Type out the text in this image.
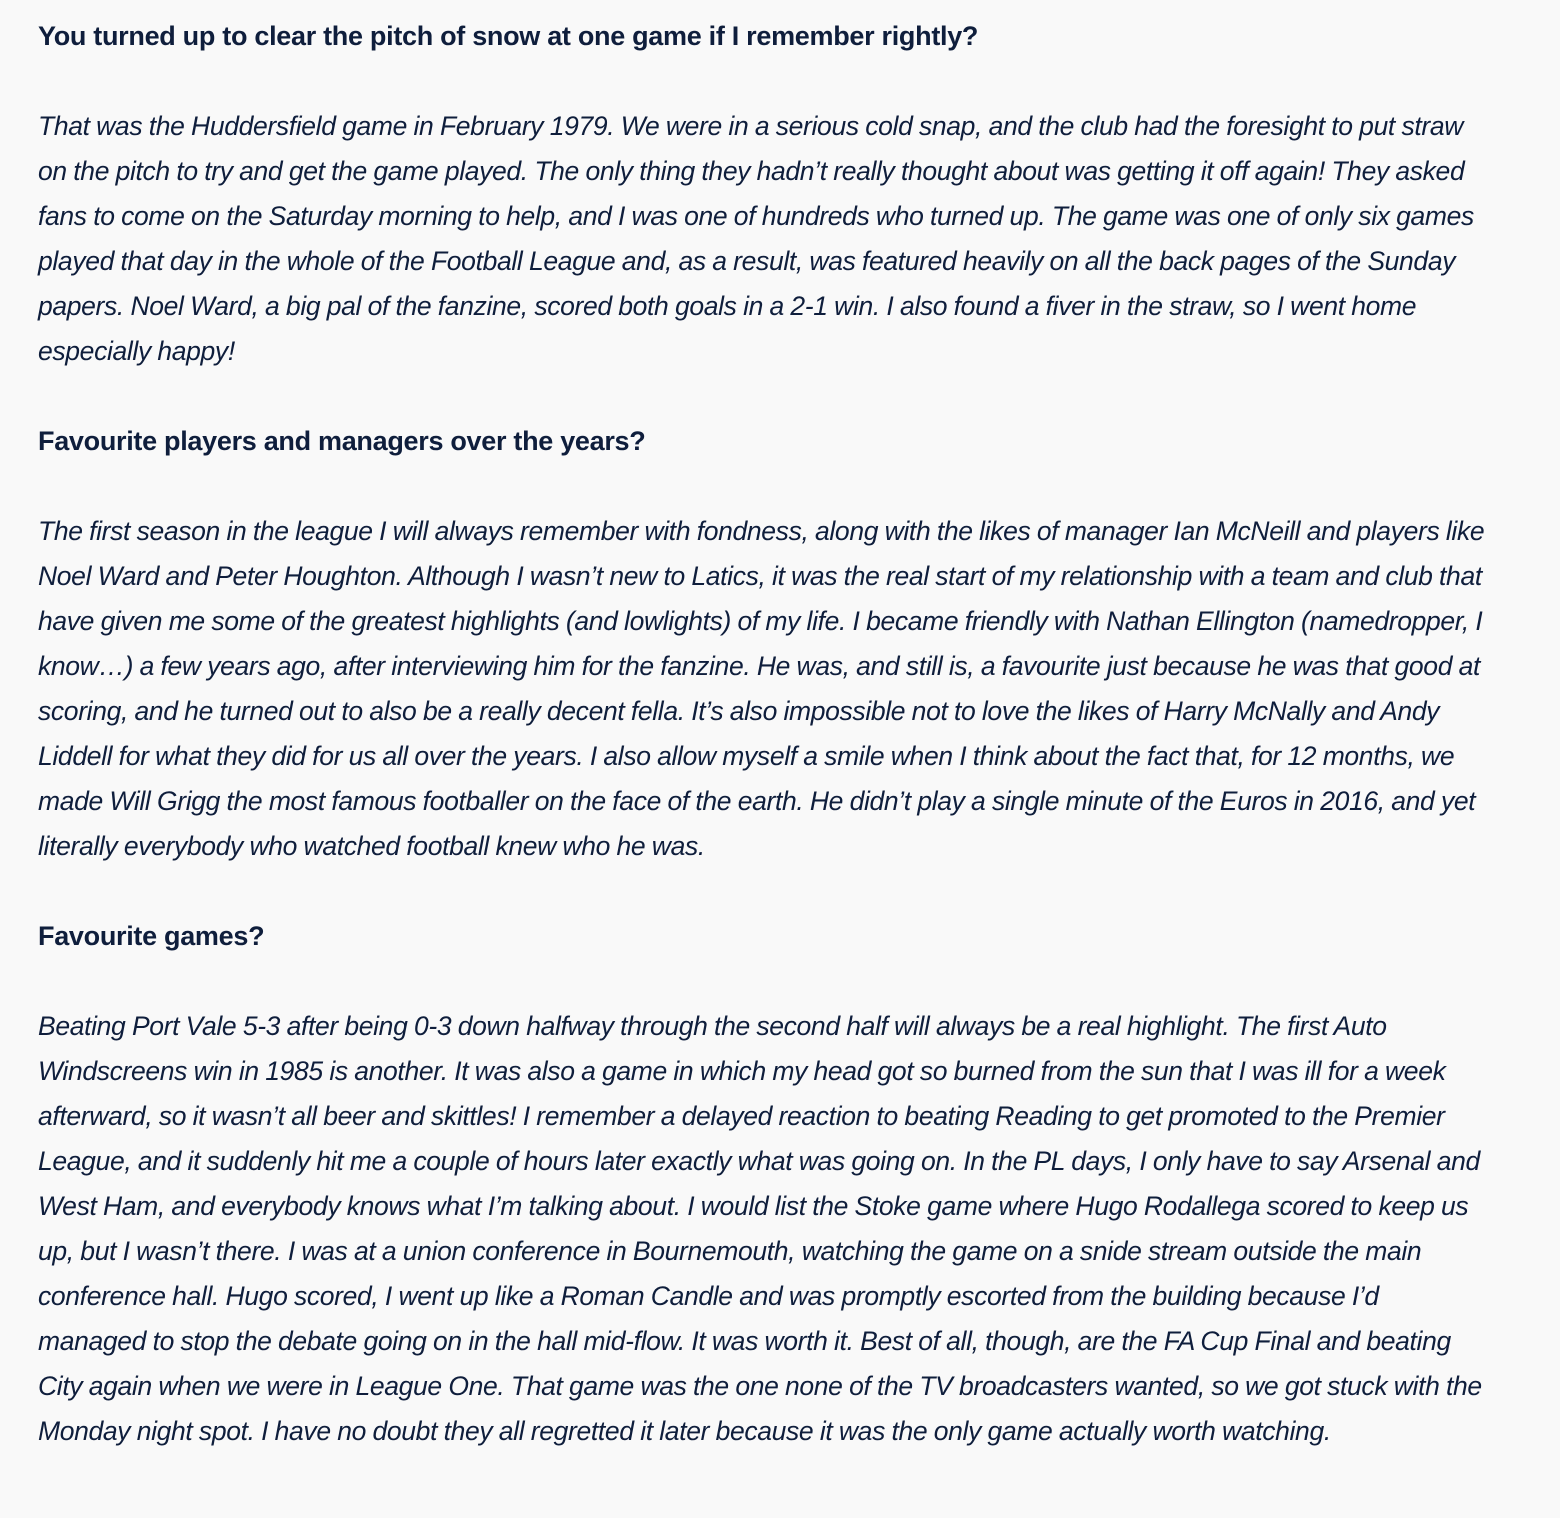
You turned up to clear the pitch of snow at one game if I remember rightly?

That was the Huddersfield game in February 1979. We were in a serious cold snap, and the club had the foresight to put straw on the pitch to try and get the game played. The only thing they hadn’t really thought about was getting it off again! They asked fans to come on the Saturday morning to help, and I was one of hundreds who turned up. The game was one of only six games played that day in the whole of the Football League and, as a result, was featured heavily on all the back pages of the Sunday papers. Noel Ward, a big pal of the fanzine, scored both goals in a 2-1 win. I also found a fiver in the straw, so I went home especially happy!

Favourite players and managers over the years?

The first season in the league I will always remember with fondness, along with the likes of manager Ian McNeill and players like Noel Ward and Peter Houghton. Although I wasn’t new to Latics, it was the real start of my relationship with a team and club that have given me some of the greatest highlights (and lowlights) of my life. I became friendly with Nathan Ellington (namedropper, I know…) a few years ago, after interviewing him for the fanzine. He was, and still is, a favourite just because he was that good at scoring, and he turned out to also be a really decent fella. It’s also impossible not to love the likes of Harry McNally and Andy Liddell for what they did for us all over the years. I also allow myself a smile when I think about the fact that, for 12 months, we made Will Grigg the most famous footballer on the face of the earth. He didn’t play a single minute of the Euros in 2016, and yet literally everybody who watched football knew who he was.

Favourite games?

Beating Port Vale 5-3 after being 0-3 down halfway through the second half will always be a real highlight. The first Auto Windscreens win in 1985 is another. It was also a game in which my head got so burned from the sun that I was ill for a week afterward, so it wasn’t all beer and skittles! I remember a delayed reaction to beating Reading to get promoted to the Premier League, and it suddenly hit me a couple of hours later exactly what was going on. In the PL days, I only have to say Arsenal and West Ham, and everybody knows what I’m talking about. I would list the Stoke game where Hugo Rodallega scored to keep us up, but I wasn’t there. I was at a union conference in Bournemouth, watching the game on a snide stream outside the main conference hall. Hugo scored, I went up like a Roman Candle and was promptly escorted from the building because I’d managed to stop the debate going on in the hall mid-flow. It was worth it. Best of all, though, are the FA Cup Final and beating City again when we were in League One. That game was the one none of the TV broadcasters wanted, so we got stuck with the Monday night spot. I have no doubt they all regretted it later because it was the only game actually worth watching.
